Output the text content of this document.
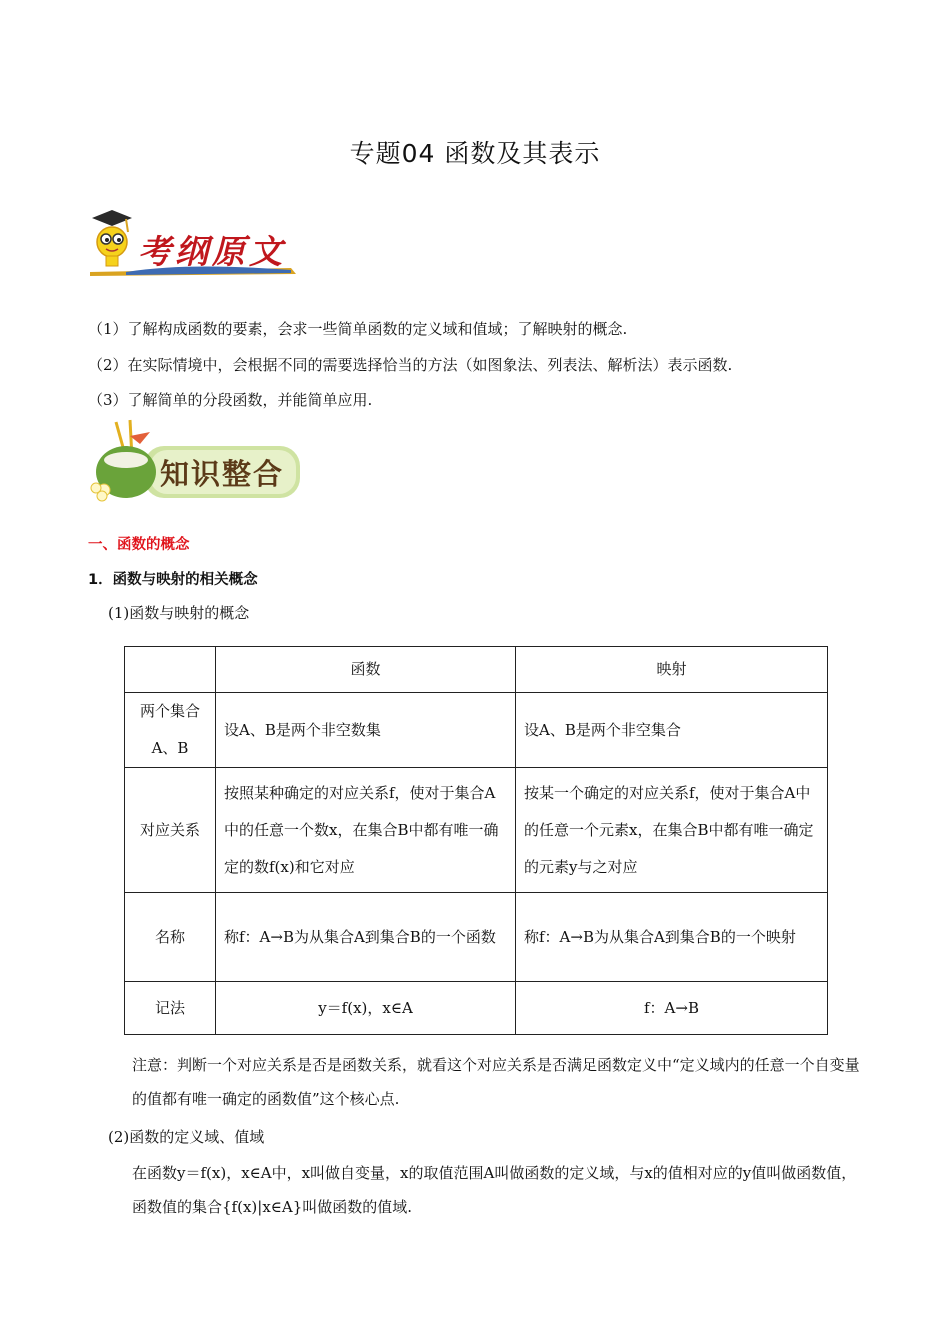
专题04 函数及其表示
考纲原文
（1）了解构成函数的要素，会求一些简单函数的定义域和值域；了解映射的概念.
（2）在实际情境中，会根据不同的需要选择恰当的方法（如图象法、列表法、解析法）表示函数.
（3）了解简单的分段函数，并能简单应用.
知识整合
一、函数的概念
1．函数与映射的相关概念
(1)函数与映射的概念
	函数	映射
两个集合A、B	设A、B是两个非空数集	设A、B是两个非空集合
对应关系	按照某种确定的对应关系f，使对于集合A中的任意一个数x，在集合B中都有唯一确定的数f(x)和它对应	按某一个确定的对应关系f，使对于集合A中的任意一个元素x，在集合B中都有唯一确定的元素y与之对应
名称	称f：A→B为从集合A到集合B的一个函数	称f：A→B为从集合A到集合B的一个映射
记法	y＝f(x)，x∈A	f：A→B
注意：判断一个对应关系是否是函数关系，就看这个对应关系是否满足函数定义中“定义域内的任意一个自变量的值都有唯一确定的函数值”这个核心点.
(2)函数的定义域、值域
在函数y＝f(x)，x∈A中，x叫做自变量，x的取值范围A叫做函数的定义域，与x的值相对应的y值叫做函数值，函数值的集合{f(x)|x∈A}叫做函数的值域.
